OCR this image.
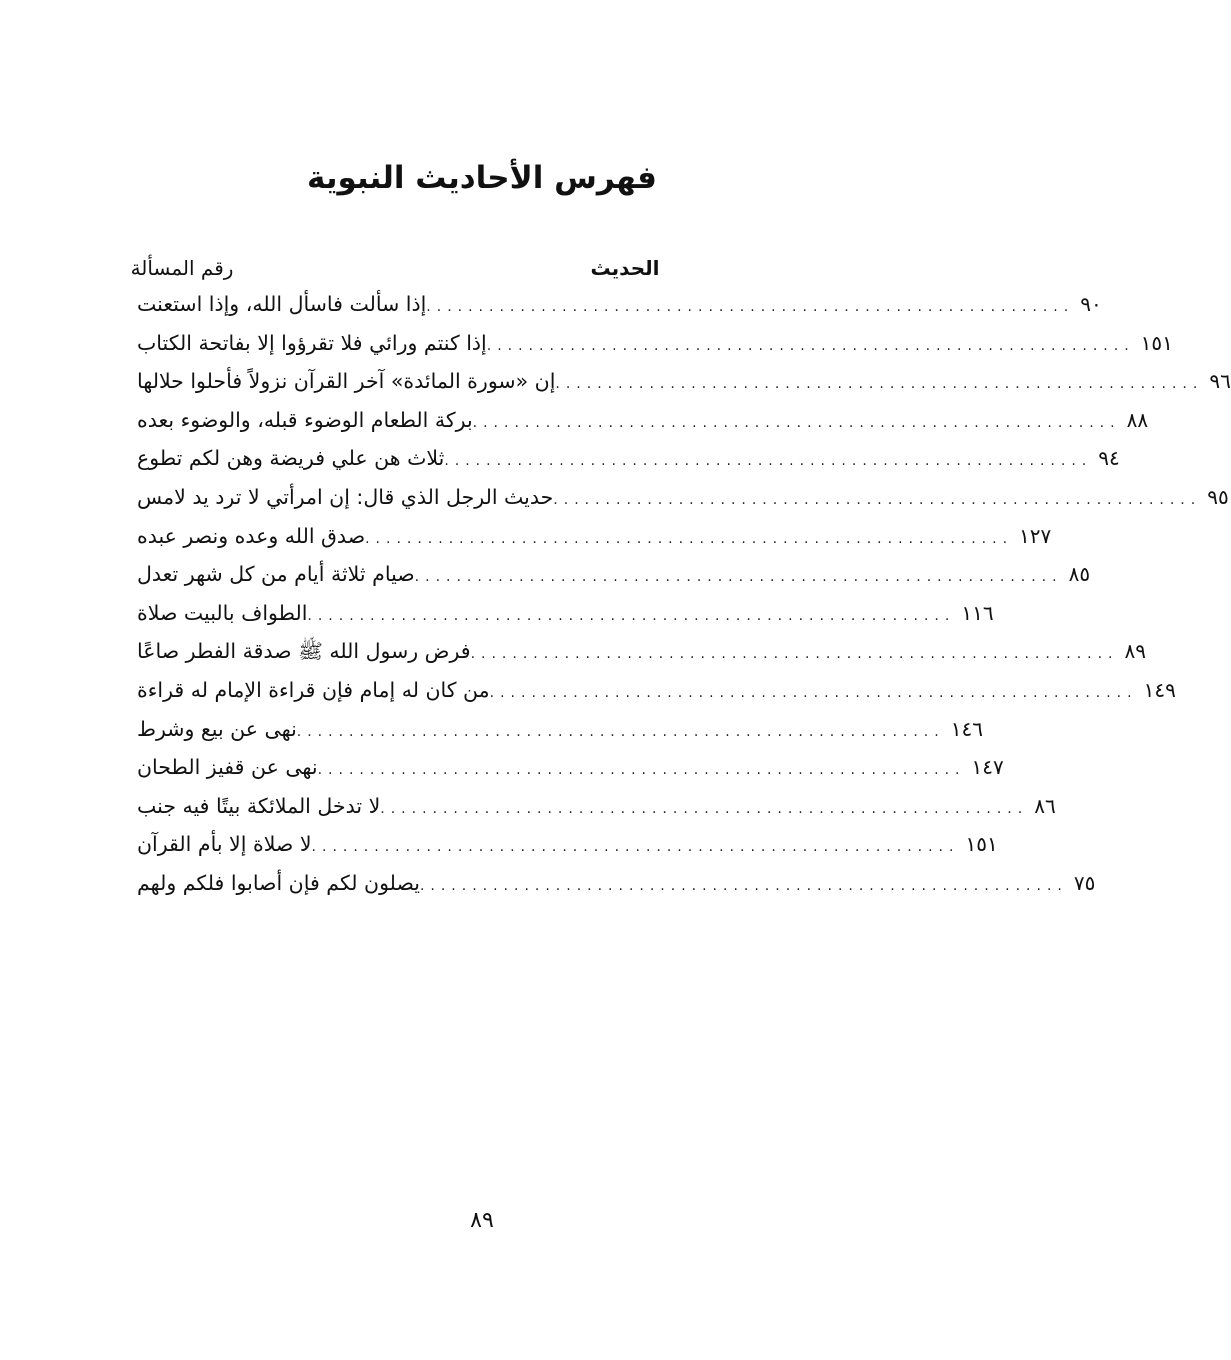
فهرس الأحاديث النبوية
الحديث
رقم المسألة
إذا سألت فاسأل الله، وإذا استعنت .............................................................. ٩٠
إذا كنتم ورائي فلا تقرؤوا إلا بفاتحة الكتاب .............................................................. ١٥١
إن «سورة المائدة» آخر القرآن نزولاً فأحلوا حلالها .............................................................. ٩٦
بركة الطعام الوضوء قبله، والوضوء بعده .............................................................. ٨٨
ثلاث هن علي فريضة وهن لكم تطوع .............................................................. ٩٤
حديث الرجل الذي قال: إن امرأتي لا ترد يد لامس .............................................................. ٩٥
صدق الله وعده ونصر عبده .............................................................. ١٢٧
صيام ثلاثة أيام من كل شهر تعدل .............................................................. ٨٥
الطواف بالبيت صلاة .............................................................. ١١٦
فرض رسول الله ﷺ صدقة الفطر صاعًا .............................................................. ٨٩
من كان له إمام فإن قراءة الإمام له قراءة .............................................................. ١٤٩
نهى عن بيع وشرط .............................................................. ١٤٦
نهى عن قفيز الطحان .............................................................. ١٤٧
لا تدخل الملائكة بيتًا فيه جنب .............................................................. ٨٦
لا صلاة إلا بأم القرآن .............................................................. ١٥١
يصلون لكم فإن أصابوا فلكم ولهم .............................................................. ٧٥
٨٩
